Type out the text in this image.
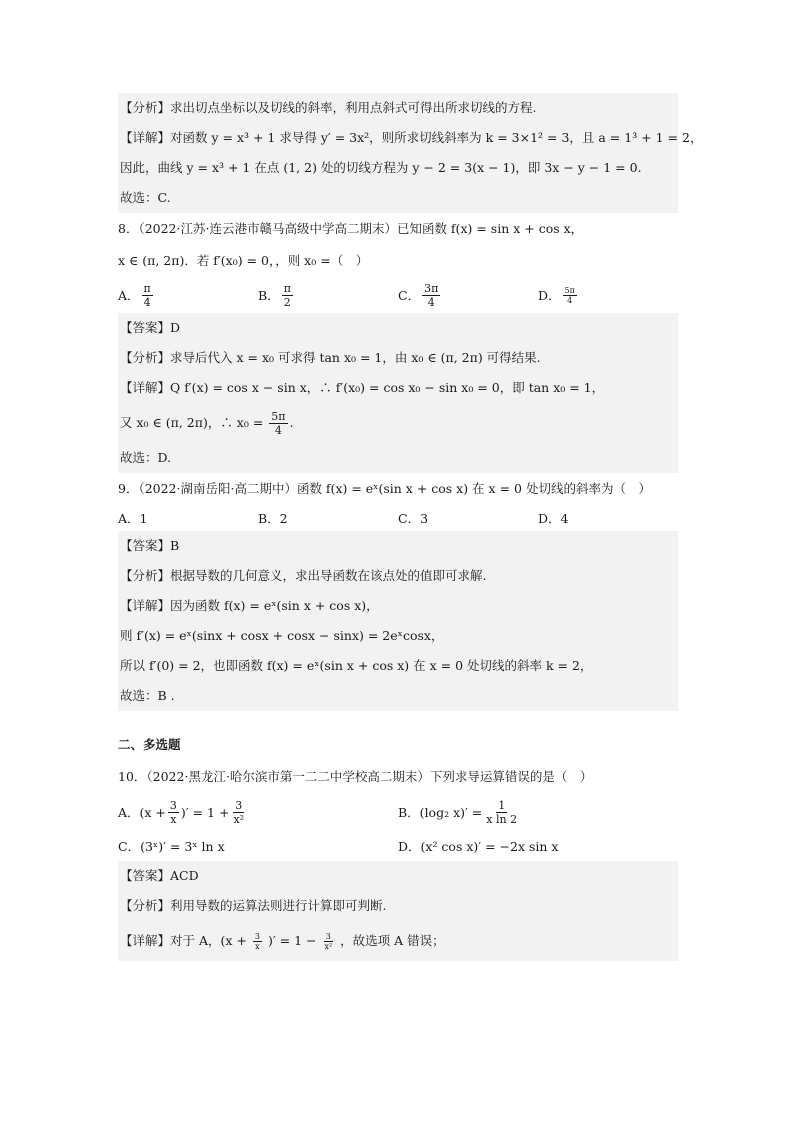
【分析】求出切点坐标以及切线的斜率，利用点斜式可得出所求切线的方程.
【详解】对函数 y = x³ + 1 求导得 y′ = 3x²，则所求切线斜率为 k = 3×1² = 3，且 a = 1³ + 1 = 2，
因此，曲线 y = x³ + 1 在点 (1, 2) 处的切线方程为 y − 2 = 3(x − 1)，即 3x − y − 1 = 0.
故选：C.
8．（2022·江苏·连云港市赣马高级中学高二期末）已知函数 f(x) = sin x + cos x，
x ∈ (π, 2π)．若 f′(x₀) = 0，，则 x₀ =（　）
A． $\frac{\pi}{4}$	B． $\frac{\pi}{2}$	C． $\frac{3\pi}{4}$	D． $\frac{5\pi}{4}$
【答案】D
【分析】求导后代入 x = x₀ 可求得 tan x₀ = 1，由 x₀ ∈ (π, 2π) 可得结果.
【详解】Q f′(x) = cos x − sin x，∴ f′(x₀) = cos x₀ − sin x₀ = 0，即 tan x₀ = 1，
又 x₀ ∈ (π, 2π)，∴ $x_0 = \frac{5\pi}{4}$ .
故选：D.
9．（2022·湖南岳阳·高二期中）函数 f(x) = eˣ(sin x + cos x) 在 x = 0 处切线的斜率为（　）
A．1	B．2	C．3	D．4
【答案】B
【分析】根据导数的几何意义，求出导函数在该点处的值即可求解.
【详解】因为函数 f(x) = eˣ(sin x + cos x)，
则 f′(x) = eˣ(sinx + cosx + cosx − sinx) = 2eˣcosx，
所以 f′(0) = 2，也即函数 f(x) = eˣ(sin x + cos x) 在 x = 0 处切线的斜率 k = 2，
故选：B .
二、多选题
10．（2022·黑龙江·哈尔滨市第一二二中学校高二期末）下列求导运算错误的是（　）
A．($x + \frac{3}{x}$ )′ = $1 + \frac{3}{\text{x²}}$	B．(log₂ $x)' = \frac{1}{\text{x ln 2}}$
C．(3ˣ)′ = 3ˣ ln x	D．(x² cos x)′ = −2x sin x
【答案】ACD
【分析】利用导数的运算法则进行计算即可判断.
【详解】对于 A，($x + \frac{3}{x}$ )′ = $1 - \frac{3}{\text{x²}}$ ，故选项 A 错误；
